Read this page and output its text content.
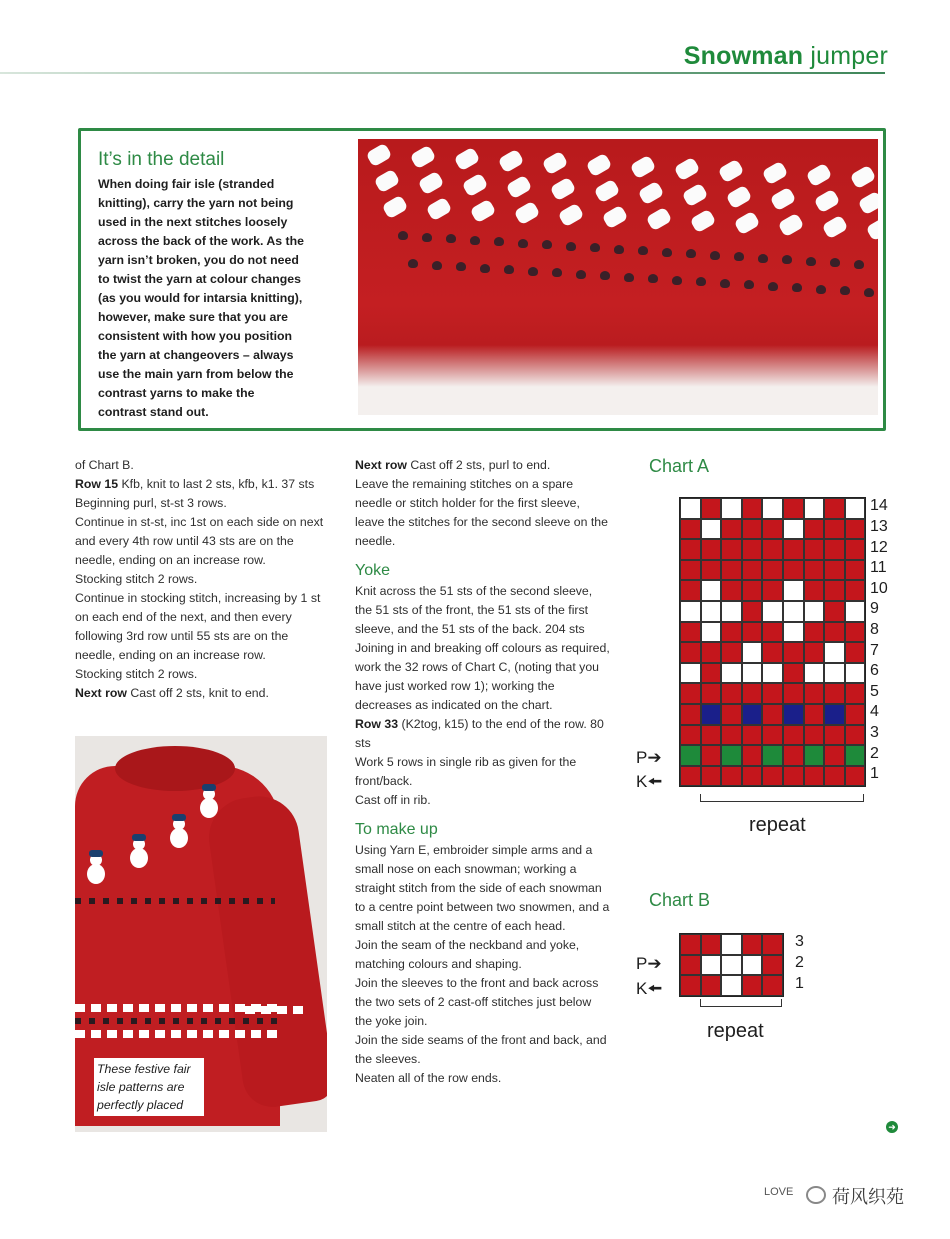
Snowman jumper
It’s in the detail
When doing fair isle (stranded knitting), carry the yarn not being used in the next stitches loosely across the back of the work. As the yarn isn’t broken, you do not need to twist the yarn at colour changes (as you would for intarsia knitting), however, make sure that you are consistent with how you position the yarn at changeovers – always use the main yarn from below the contrast yarns to make the contrast stand out.

of Chart B.

Row 15 Kfb, knit to last 2 sts, kfb, k1. 37 sts

Beginning purl, st-st 3 rows.

Continue in st-st, inc 1st on each side on next and every 4th row until 43 sts are on the needle, ending on an increase row.

Stocking stitch 2 rows.

Continue in stocking stitch, increasing by 1 st on each end of the next, and then every following 3rd row until 55 sts are on the needle, ending on an increase row.

Stocking stitch 2 rows.

Next row Cast off 2 sts, knit to end.

These festive fair isle patterns are perfectly placed

Next row Cast off 2 sts, purl to end.

Leave the remaining stitches on a spare needle or stitch holder for the first sleeve, leave the stitches for the second sleeve on the needle.

Yoke

Knit across the 51 sts of the second sleeve, the 51 sts of the front, the 51 sts of the first sleeve, and the 51 sts of the back. 204 sts

Joining in and breaking off colours as required, work the 32 rows of Chart C, (noting that you have just worked row 1); working the decreases as indicated on the chart.

Row 33 (K2tog, k15) to the end of the row. 80 sts

Work 5 rows in single rib as given for the front/back.

Cast off in rib.

To make up

Using Yarn E, embroider simple arms and a small nose on each snowman; working a straight stitch from the side of each snowman to a centre point between two snowmen, and a small stitch at the centre of each head.

Join the seam of the neckband and yoke, matching colours and shaping.

Join the sleeves to the front and back across the two sets of 2 cast-off stitches just below the yoke join.

Join the side seams of the front and back, and the sleeves.

Neaten all of the row ends.

Chart A
14
13
12
11
10
9
8
7
6
5
4
3
2
1
P➔
K🠘
repeat
Chart B
3
2
1
P➔
K🠘
repeat
➜
LOVE 荷风织苑
